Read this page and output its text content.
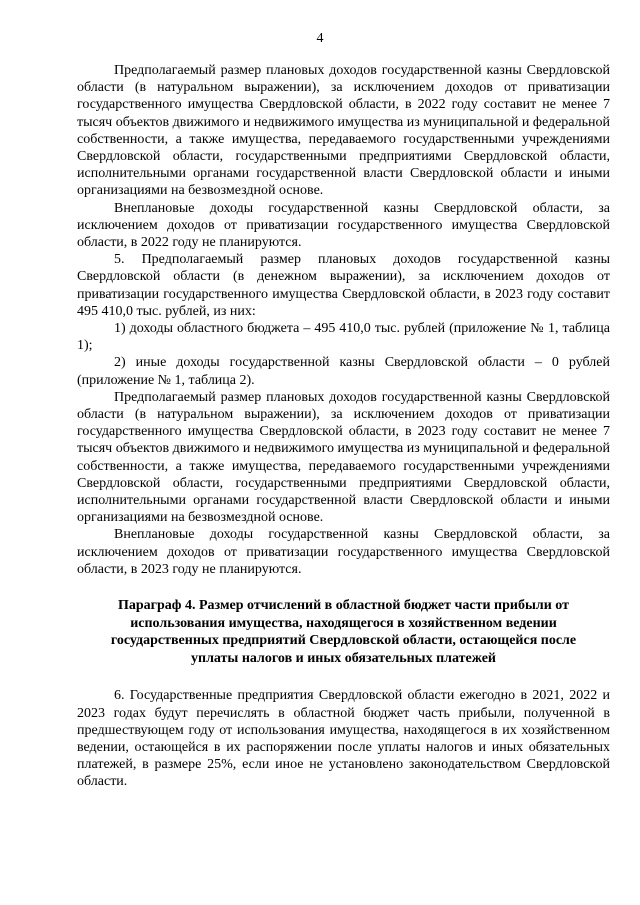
4

Предполагаемый размер плановых доходов государственной казны Свердловской области (в натуральном выражении), за исключением доходов от приватизации государственного имущества Свердловской области, в 2022 году составит не менее 7 тысяч объектов движимого и недвижимого имущества из муниципальной и федеральной собственности, а также имущества, передаваемого государственными учреждениями Свердловской области, государственными предприятиями Свердловской области, исполнительными органами государственной власти Свердловской области и иными организациями на безвозмездной основе.

Внеплановые доходы государственной казны Свердловской области, за исключением доходов от приватизации государственного имущества Свердловской области, в 2022 году не планируются.

5. Предполагаемый размер плановых доходов государственной казны Свердловской области (в денежном выражении), за исключением доходов от приватизации государственного имущества Свердловской области, в 2023 году составит 495 410,0 тыс. рублей, из них:

1) доходы областного бюджета – 495 410,0 тыс. рублей (приложение № 1, таблица 1);

2) иные доходы государственной казны Свердловской области – 0 рублей (приложение № 1, таблица 2).

Предполагаемый размер плановых доходов государственной казны Свердловской области (в натуральном выражении), за исключением доходов от приватизации государственного имущества Свердловской области, в 2023 году составит не менее 7 тысяч объектов движимого и недвижимого имущества из муниципальной и федеральной собственности, а также имущества, передаваемого государственными учреждениями Свердловской области, государственными предприятиями Свердловской области, исполнительными органами государственной власти Свердловской области и иными организациями на безвозмездной основе.

Внеплановые доходы государственной казны Свердловской области, за исключением доходов от приватизации государственного имущества Свердловской области, в 2023 году не планируются.

Параграф 4. Размер отчислений в областной бюджет части прибыли от использования имущества, находящегося в хозяйственном ведении государственных предприятий Свердловской области, остающейся после уплаты налогов и иных обязательных платежей

6. Государственные предприятия Свердловской области ежегодно в 2021, 2022 и 2023 годах будут перечислять в областной бюджет часть прибыли, полученной в предшествующем году от использования имущества, находящегося в их хозяйственном ведении, остающейся в их распоряжении после уплаты налогов и иных обязательных платежей, в размере 25%, если иное не установлено законодательством Свердловской области.
